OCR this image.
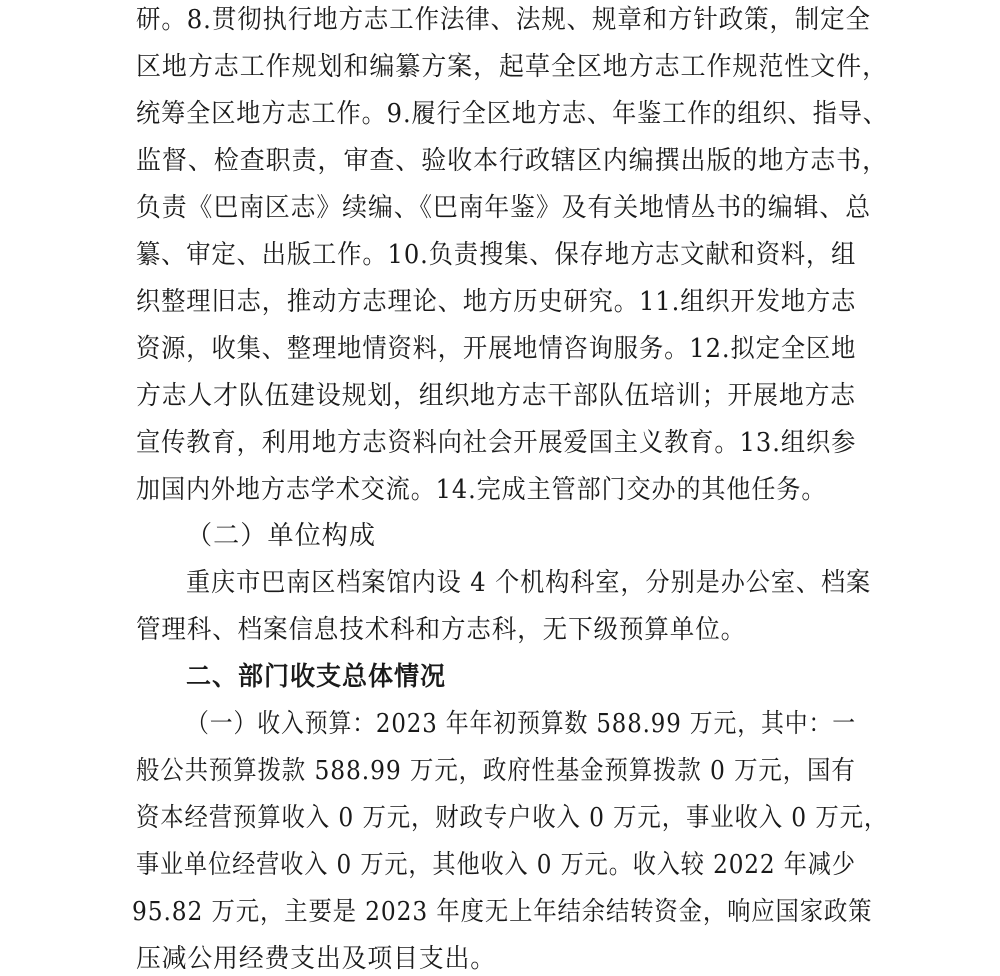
研。8.贯彻执行地方志工作法律、法规、规章和方针政策，制定全
区地方志工作规划和编纂方案，起草全区地方志工作规范性文件，
统筹全区地方志工作。9.履行全区地方志、年鉴工作的组织、指导、
监督、检查职责，审查、验收本行政辖区内编撰出版的地方志书，
负责《巴南区志》续编、《巴南年鉴》及有关地情丛书的编辑、总
纂、审定、出版工作。10.负责搜集、保存地方志文献和资料，组
织整理旧志，推动方志理论、地方历史研究。11.组织开发地方志
资源，收集、整理地情资料，开展地情咨询服务。12.拟定全区地
方志人才队伍建设规划，组织地方志干部队伍培训；开展地方志
宣传教育，利用地方志资料向社会开展爱国主义教育。13.组织参
加国内外地方志学术交流。14.完成主管部门交办的其他任务。
（二）单位构成
重庆市巴南区档案馆内设 4 个机构科室，分别是办公室、档案
管理科、档案信息技术科和方志科，无下级预算单位。
二、部门收支总体情况
（一）收入预算：2023 年年初预算数 588.99 万元，其中：一
般公共预算拨款 588.99 万元，政府性基金预算拨款 0 万元，国有
资本经营预算收入 0 万元，财政专户收入 0 万元，事业收入 0 万元，
事业单位经营收入 0 万元，其他收入 0 万元。收入较 2022 年减少
95.82 万元，主要是 2023 年度无上年结余结转资金，响应国家政策
压减公用经费支出及项目支出。
